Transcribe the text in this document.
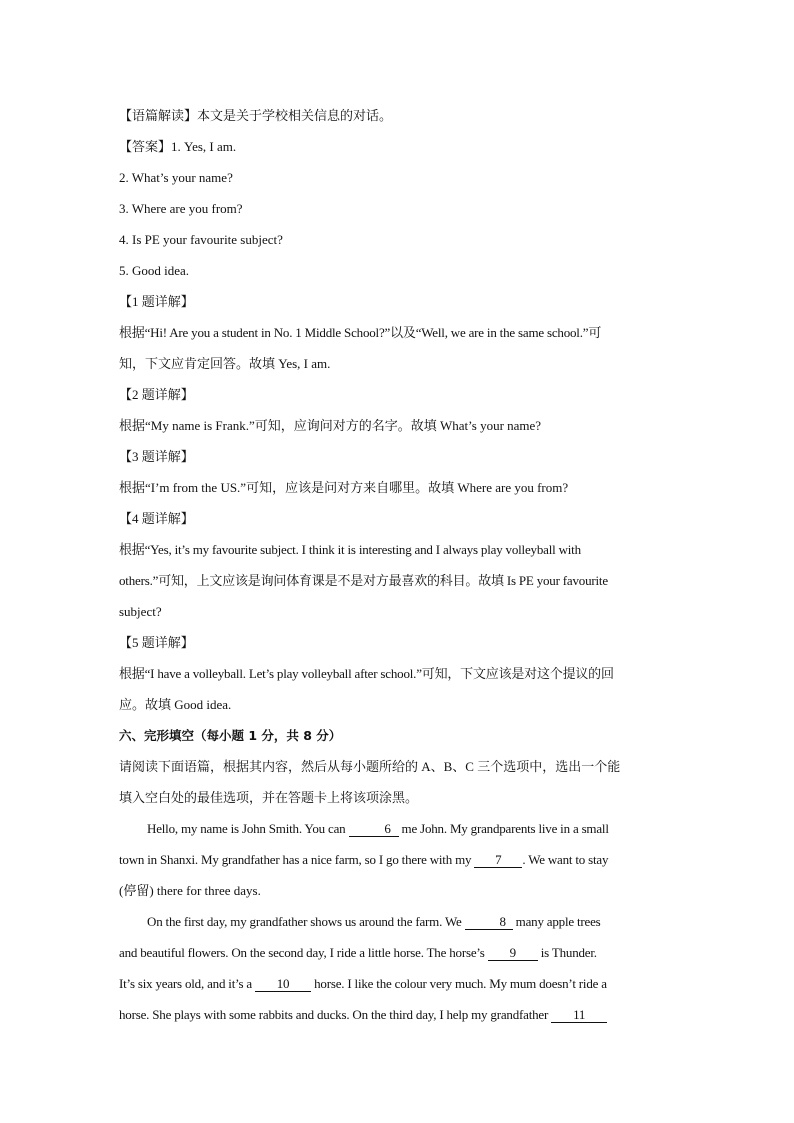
【语篇解读】本文是关于学校相关信息的对话。
【答案】1. Yes, I am.
2. What’s your name?
3. Where are you from?
4. Is PE your favourite subject?
5. Good idea.
【1 题详解】
根据“Hi! Are you a student in No. 1 Middle School?”以及“Well, we are in the same school.”可
知，下文应肯定回答。故填 Yes, I am.
【2 题详解】
根据“My name is Frank.”可知，应询问对方的名字。故填 What’s your name?
【3 题详解】
根据“I’m from the US.”可知，应该是问对方来自哪里。故填 Where are you from?
【4 题详解】
根据“Yes, it’s my favourite subject. I think it is interesting and I always play volleyball with
others.”可知，上文应该是询问体育课是不是对方最喜欢的科目。故填 Is PE your favourite
subject?
【5 题详解】
根据“I have a volleyball. Let’s play volleyball after school.”可知，下文应该是对这个提议的回
应。故填 Good idea.
六、完形填空（每小题 1 分，共 8 分）
请阅读下面语篇，根据其内容，然后从每小题所给的 A、B、C 三个选项中，选出一个能
填入空白处的最佳选项，并在答题卡上将该项涂黑。
Hello, my name is John Smith. You can	6 me John. My grandparents live in a small
town in Shanxi. My grandfather has a nice farm, so I go there with my 7 . We want to stay
(停留) there for three days.
On the first day, my grandfather shows us around the farm. We	8 many apple trees
and beautiful flowers. On the second day, I ride a little horse. The horse’s 9 is Thunder.
It’s six years old, and it’s a 10 horse. I like the colour very much. My mum doesn’t ride a
horse. She plays with some rabbits and ducks. On the third day, I help my grandfather 11
